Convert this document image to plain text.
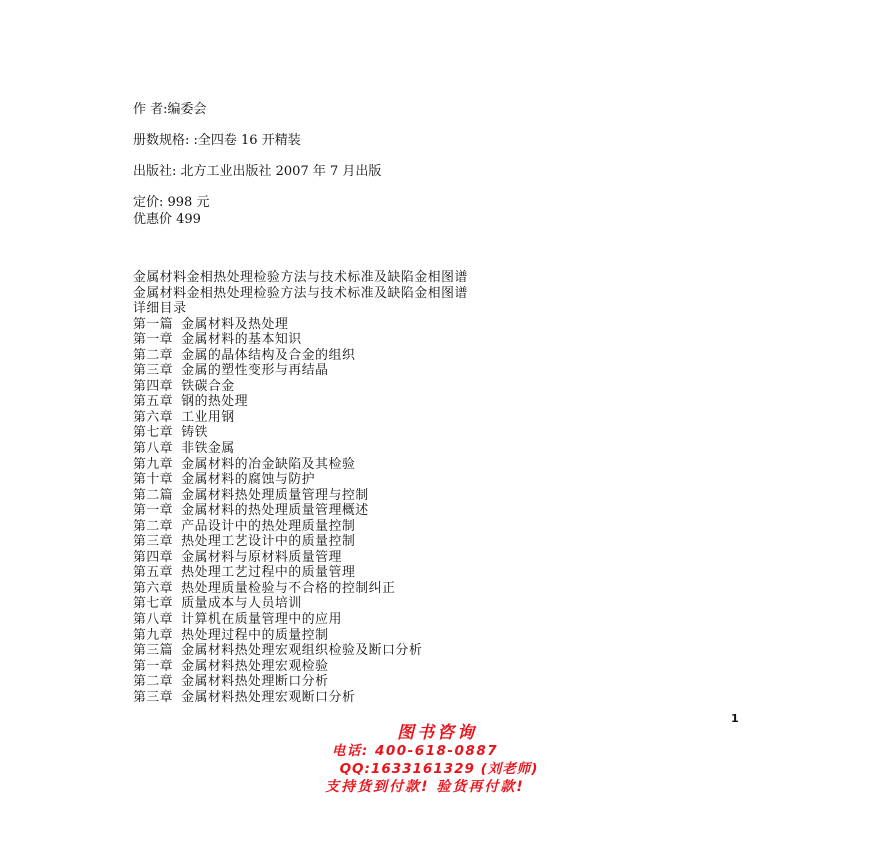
作 者:编委会
册数规格: :全四卷 16 开精装
出版社: 北方工业出版社 2007 年 7 月出版
定价: 998 元
优惠价 499
金属材料金相热处理检验方法与技术标准及缺陷金相图谱
金属材料金相热处理检验方法与技术标准及缺陷金相图谱
详细目录
第一篇 金属材料及热处理
第一章 金属材料的基本知识
第二章 金属的晶体结构及合金的组织
第三章 金属的塑性变形与再结晶
第四章 铁碳合金
第五章 钢的热处理
第六章 工业用钢
第七章 铸铁
第八章 非铁金属
第九章 金属材料的冶金缺陷及其检验
第十章 金属材料的腐蚀与防护
第二篇 金属材料热处理质量管理与控制
第一章 金属材料的热处理质量管理概述
第二章 产品设计中的热处理质量控制
第三章 热处理工艺设计中的质量控制
第四章 金属材料与原材料质量管理
第五章 热处理工艺过程中的质量管理
第六章 热处理质量检验与不合格的控制纠正
第七章 质量成本与人员培训
第八章 计算机在质量管理中的应用
第九章 热处理过程中的质量控制
第三篇 金属材料热处理宏观组织检验及断口分析
第一章 金属材料热处理宏观检验
第二章 金属材料热处理断口分析
第三章 金属材料热处理宏观断口分析
1
图书咨询
电话: 400-618-0887
QQ:1633161329 (刘老师)
支持货到付款! 验货再付款!
